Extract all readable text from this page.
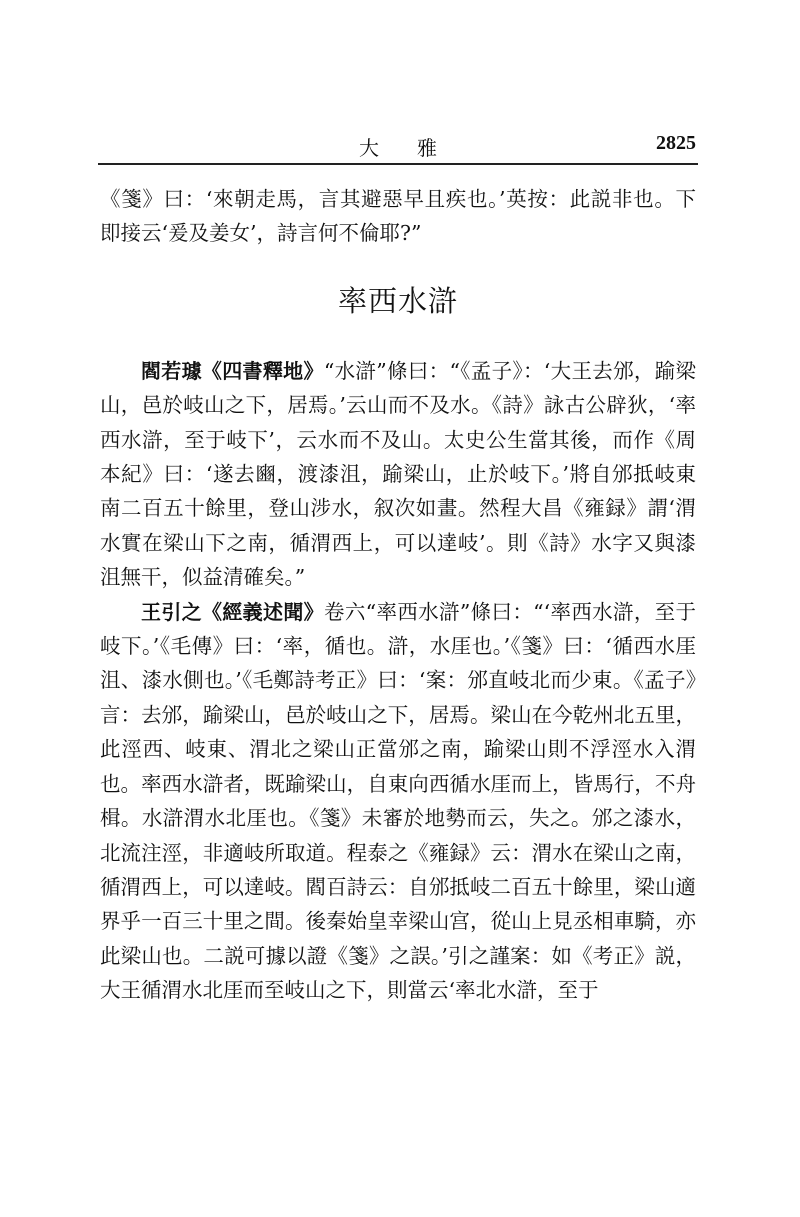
大雅	2825

《箋》曰：‘來朝走馬，言其避惡早且疾也。’英按：此説非也。下即接云‘爰及姜女’，詩言何不倫耶?”

率西水滸

閻若璩《四書釋地》“水滸”條曰：“《孟子》：‘大王去邠，踰梁山，邑於岐山之下，居焉。’云山而不及水。《詩》詠古公辟狄，‘率西水滸，至于岐下’，云水而不及山。太史公生當其後，而作《周本紀》曰：‘遂去豳，渡漆沮，踰梁山，止於岐下。’將自邠抵岐東南二百五十餘里，登山涉水，叙次如畫。然程大昌《雍録》謂‘渭水實在梁山下之南，循渭西上，可以達岐’。則《詩》水字又與漆沮無干，似益清確矣。”

王引之《經義述聞》卷六“率西水滸”條曰：“‘率西水滸，至于岐下。’《毛傳》曰：‘率，循也。滸，水厓也。’《箋》曰：‘循西水厓沮、漆水側也。’《毛鄭詩考正》曰：‘案：邠直岐北而少東。《孟子》言：去邠，踰梁山，邑於岐山之下，居焉。梁山在今乾州北五里，此涇西、岐東、渭北之梁山正當邠之南，踰梁山則不浮涇水入渭也。率西水滸者，既踰梁山，自東向西循水厓而上，皆馬行，不舟楫。水滸渭水北厓也。《箋》未審於地勢而云，失之。邠之漆水，北流注涇，非適岐所取道。程泰之《雍録》云：渭水在梁山之南，循渭西上，可以達岐。閻百詩云：自邠抵岐二百五十餘里，梁山適界乎一百三十里之間。後秦始皇幸梁山宫，從山上見丞相車騎，亦此梁山也。二説可據以證《箋》之誤。’引之謹案：如《考正》説，大王循渭水北厓而至岐山之下，則當云‘率北水滸，至于
